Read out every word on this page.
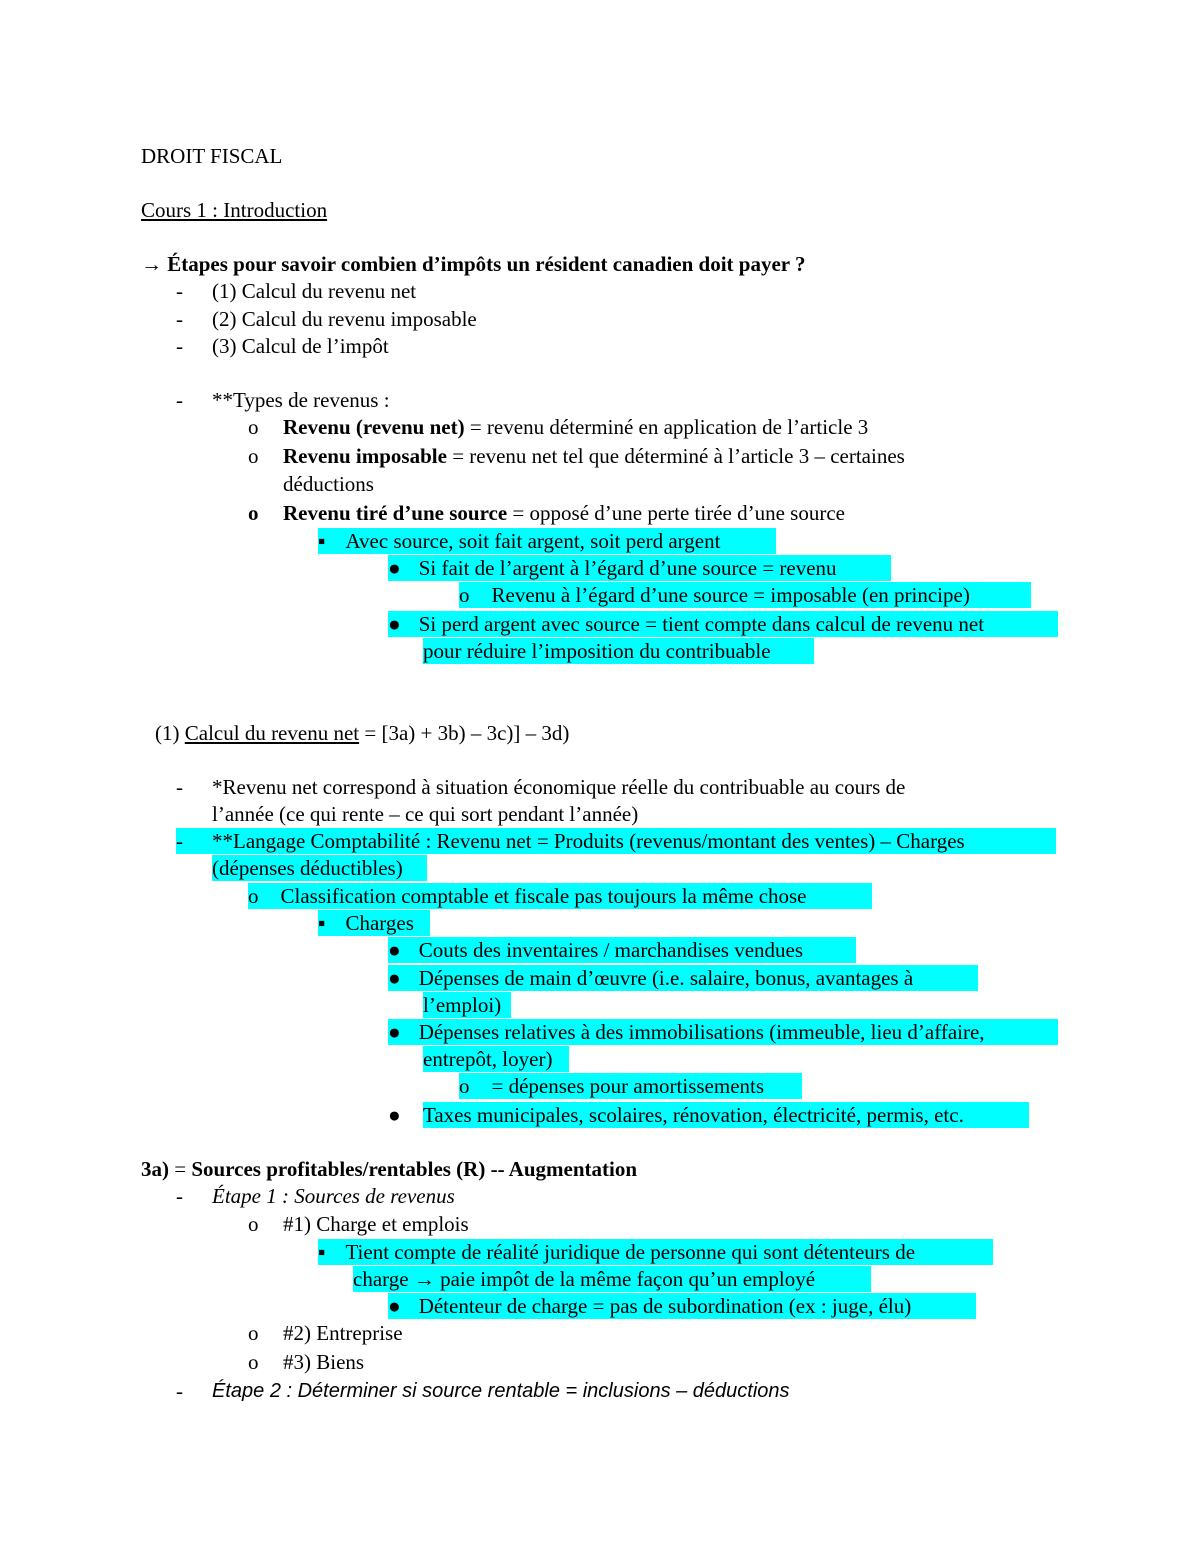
DROIT FISCAL
Cours 1 : Introduction
→ Étapes pour savoir combien d’impôts un résident canadien doit payer ?
- (1) Calcul du revenu net
- (2) Calcul du revenu imposable
- (3) Calcul de l’impôt
- **Types de revenus :
o Revenu (revenu net) = revenu déterminé en application de l’article 3
o Revenu imposable = revenu net tel que déterminé à l’article 3 – certaines
déductions
o Revenu tiré d’une source = opposé d’une perte tirée d’une source
▪ Avec source, soit fait argent, soit perd argent
● Si fait de l’argent à l’égard d’une source = revenu
o Revenu à l’égard d’une source = imposable (en principe)
● Si perd argent avec source = tient compte dans calcul de revenu net
pour réduire l’imposition du contribuable
(1) Calcul du revenu net = [3a) + 3b) – 3c)] – 3d)
- *Revenu net correspond à situation économique réelle du contribuable au cours de
l’année (ce qui rente – ce qui sort pendant l’année)
- **Langage Comptabilité : Revenu net = Produits (revenus/montant des ventes) – Charges
(dépenses déductibles)
o Classification comptable et fiscale pas toujours la même chose
▪ Charges
● Couts des inventaires / marchandises vendues
● Dépenses de main d’œuvre (i.e. salaire, bonus, avantages à
l’emploi)
● Dépenses relatives à des immobilisations (immeuble, lieu d’affaire,
entrepôt, loyer)
o = dépenses pour amortissements
● Taxes municipales, scolaires, rénovation, électricité, permis, etc.
3a) = Sources profitables/rentables (R) -- Augmentation
- Étape 1 : Sources de revenus
o #1) Charge et emplois
▪ Tient compte de réalité juridique de personne qui sont détenteurs de
charge → paie impôt de la même façon qu’un employé
● Détenteur de charge = pas de subordination (ex : juge, élu)
o #2) Entreprise
o #3) Biens
- Étape 2 : Déterminer si source rentable = inclusions – déductions
